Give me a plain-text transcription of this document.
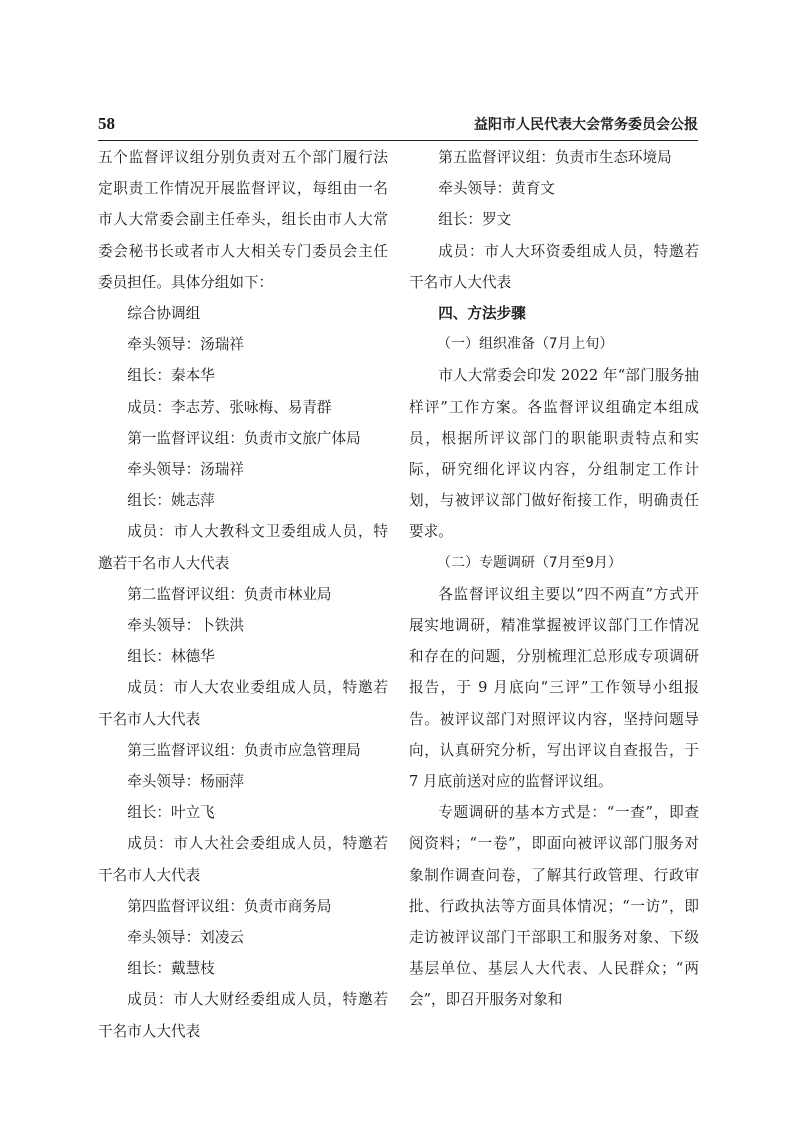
58	益阳市人民代表大会常务委员会公报

五个监督评议组分别负责对五个部门履行法定职责工作情况开展监督评议，每组由一名市人大常委会副主任牵头，组长由市人大常委会秘书长或者市人大相关专门委员会主任委员担任。具体分组如下：

综合协调组

牵头领导：汤瑞祥

组长：秦本华

成员：李志芳、张咏梅、易青群

第一监督评议组：负责市文旅广体局

牵头领导：汤瑞祥

组长：姚志萍

成员：市人大教科文卫委组成人员，特邀若干名市人大代表

第二监督评议组：负责市林业局

牵头领导：卜铁洪

组长：林德华

成员：市人大农业委组成人员，特邀若干名市人大代表

第三监督评议组：负责市应急管理局

牵头领导：杨丽萍

组长：叶立飞

成员：市人大社会委组成人员，特邀若干名市人大代表

第四监督评议组：负责市商务局

牵头领导：刘凌云

组长：戴慧枝

成员：市人大财经委组成人员，特邀若干名市人大代表

第五监督评议组：负责市生态环境局

牵头领导：黄育文

组长：罗文

成员：市人大环资委组成人员，特邀若干名市人大代表

四、方法步骤

（一）组织准备（7月上旬）

市人大常委会印发 2022 年“部门服务抽样评”工作方案。各监督评议组确定本组成员，根据所评议部门的职能职责特点和实际，研究细化评议内容，分组制定工作计划，与被评议部门做好衔接工作，明确责任要求。

（二）专题调研（7月至9月）

各监督评议组主要以“四不两直”方式开展实地调研，精准掌握被评议部门工作情况和存在的问题，分别梳理汇总形成专项调研报告，于 9 月底向“三评”工作领导小组报告。被评议部门对照评议内容，坚持问题导向，认真研究分析，写出评议自查报告，于 7 月底前送对应的监督评议组。

专题调研的基本方式是：“一查”，即查阅资料；“一卷”，即面向被评议部门服务对象制作调查问卷，了解其行政管理、行政审批、行政执法等方面具体情况；“一访”，即走访被评议部门干部职工和服务对象、下级基层单位、基层人大代表、人民群众；“两会”，即召开服务对象和
